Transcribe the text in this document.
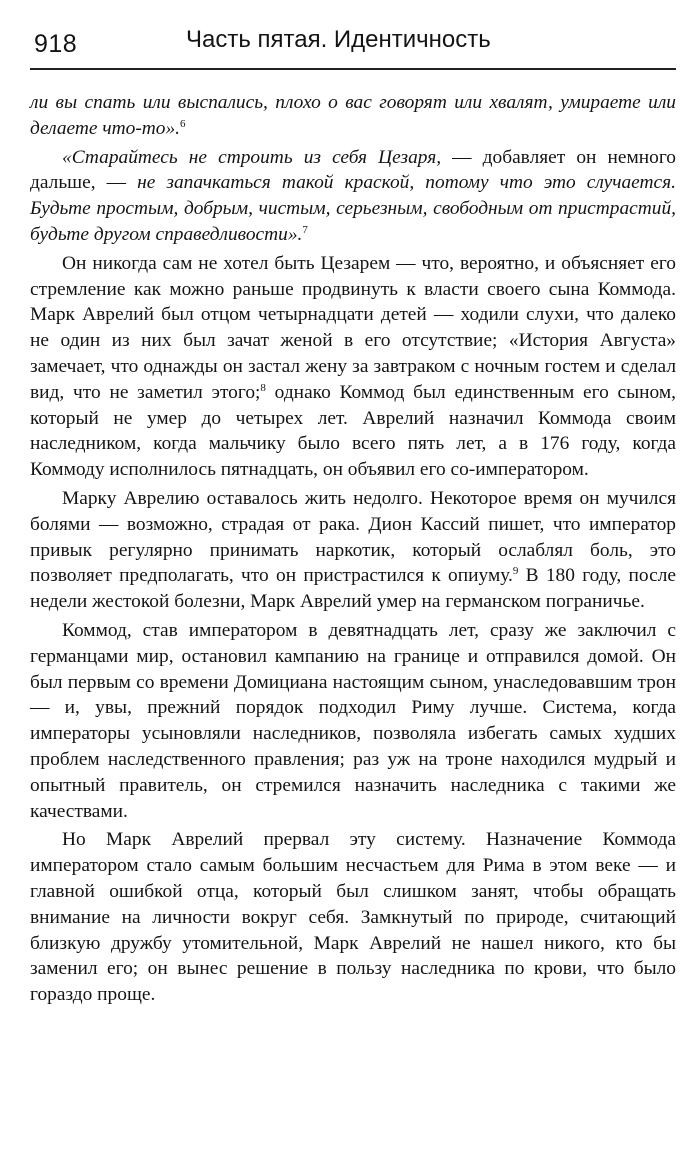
918	Часть пятая. Идентичность

ли вы спать или выспались, плохо о вас говорят или хвалят, умираете или делаете что-то».$^6$

«Старайтесь не строить из себя Цезаря, — добавляет он немного дальше, — не запачкаться такой краской, потому что это случается. Будьте простым, добрым, чистым, серьезным, свободным от пристрастий, будьте другом справедливости».$^7$

Он никогда сам не хотел быть Цезарем — что, вероятно, и объясняет его стремление как можно раньше продвинуть к власти своего сына Коммода. Марк Аврелий был отцом четырнадцати детей — ходили слухи, что далеко не один из них был зачат женой в его отсутствие; «История Августа» замечает, что однажды он застал жену за завтраком с ночным гостем и сделал вид, что не заметил этого;$^8$ однако Коммод был единственным его сыном, который не умер до четырех лет. Аврелий назначил Коммода своим наследником, когда мальчику было всего пять лет, а в 176 году, когда Коммоду исполнилось пятнадцать, он объявил его со-императором.

Марку Аврелию оставалось жить недолго. Некоторое время он мучился болями — возможно, страдая от рака. Дион Кассий пишет, что император привык регулярно принимать наркотик, который ослаблял боль, это позволяет предполагать, что он пристрастился к опиуму.$^9$ В 180 году, после недели жестокой болезни, Марк Аврелий умер на германском пограничье.

Коммод, став императором в девятнадцать лет, сразу же заключил с германцами мир, остановил кампанию на границе и отправился домой. Он был первым со времени Домициана настоящим сыном, унаследовавшим трон — и, увы, прежний порядок подходил Риму лучше. Система, когда императоры усыновляли наследников, позволяла избегать самых худших проблем наследственного правления; раз уж на троне находился мудрый и опытный правитель, он стремился назначить наследника с такими же качествами.

Но Марк Аврелий прервал эту систему. Назначение Коммода императором стало самым большим несчастьем для Рима в этом веке — и главной ошибкой отца, который был слишком занят, чтобы обращать внимание на личности вокруг себя. Замкнутый по природе, считающий близкую дружбу утомительной, Марк Аврелий не нашел никого, кто бы заменил его; он вынес решение в пользу наследника по крови, что было гораздо проще.
